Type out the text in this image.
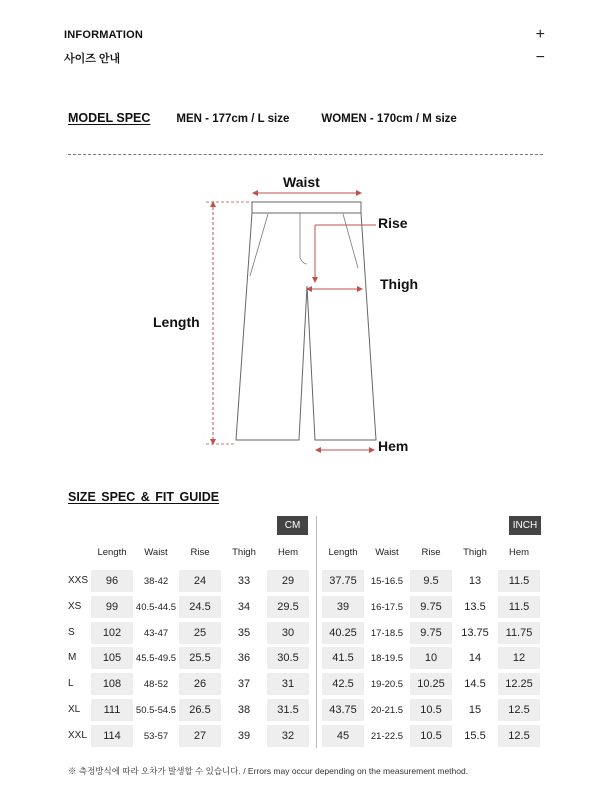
INFORMATION	+
사이즈 안내	−
MODEL SPEC MEN - 177cm / L size	WOMEN - 170cm / M size
Waist
Rise
Thigh
Length
Hem
SIZE SPEC & FIT GUIDE
CM	INCH
Length	Waist	Rise	Thigh	Hem	Length	Waist	Rise	Thigh	Hem
XXS	96	38-42	24	33	29	37.75	15-16.5	9.5	13	11.5
XS	99	40.5-44.5	24.5	34	29.5	39	16-17.5	9.75	13.5	11.5
S	102	43-47	25	35	30	40.25	17-18.5	9.75	13.75	11.75
M	105	45.5-49.5	25.5	36	30.5	41.5	18-19.5	10	14	12
L	108	48-52	26	37	31	42.5	19-20.5	10.25	14.5	12.25
XL	111	50.5-54.5	26.5	38	31.5	43.75	20-21.5	10.5	15	12.5
XXL	114	53-57	27	39	32	45	21-22.5	10.5	15.5	12.5
※ 측정방식에 따라 오차가 발생할 수 있습니다. / Errors may occur depending on the measurement method.
